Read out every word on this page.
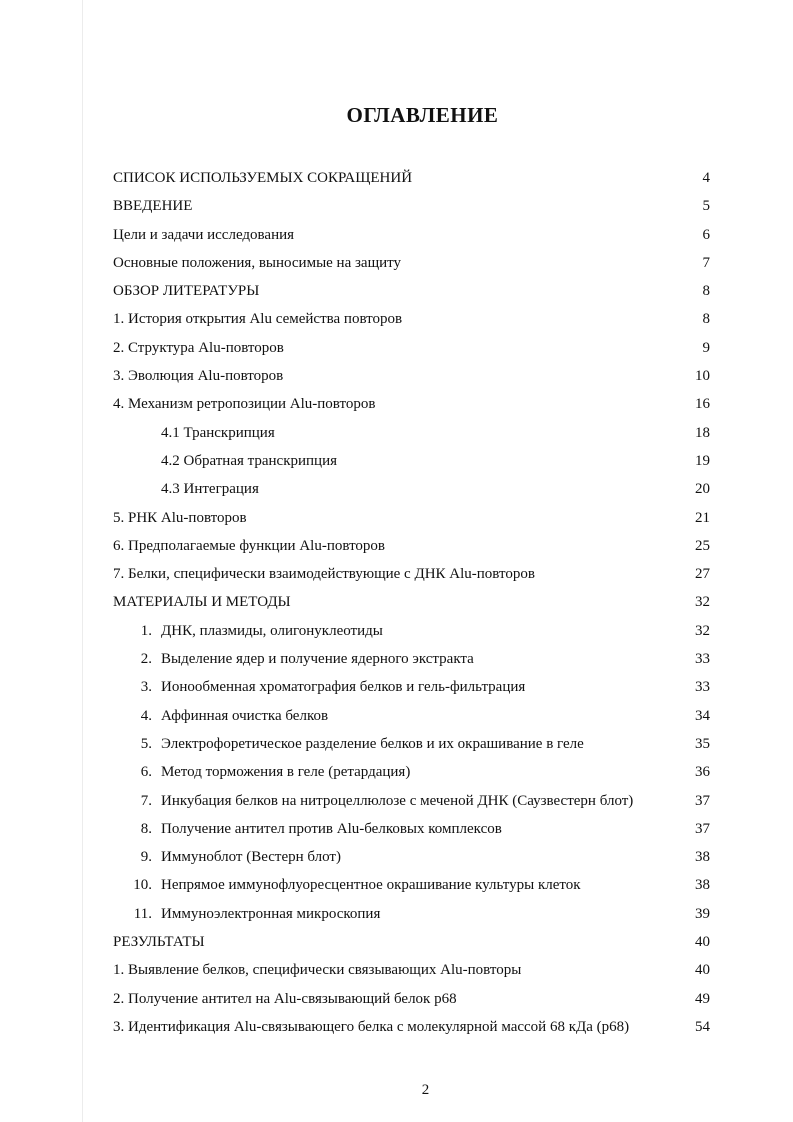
ОГЛАВЛЕНИЕ
СПИСОК ИСПОЛЬЗУЕМЫХ СОКРАЩЕНИЙ	4
ВВЕДЕНИЕ	5
Цели и задачи исследования	6
Основные положения, выносимые на защиту	7
ОБЗОР ЛИТЕРАТУРЫ	8
1. История открытия Alu семейства повторов	8
2. Структура Alu-повторов	9
3. Эволюция Alu-повторов	10
4. Механизм ретропозиции Alu-повторов	16
4.1 Транскрипция	18
4.2 Обратная транскрипция	19
4.3 Интеграция	20
5. РНК Alu-повторов	21
6. Предполагаемые функции Alu-повторов	25
7. Белки, специфически взаимодействующие с ДНК Alu-повторов	27
МАТЕРИАЛЫ И МЕТОДЫ	32
1. ДНК, плазмиды, олигонуклеотиды	32
2. Выделение ядер и получение ядерного экстракта	33
3. Ионообменная хроматография белков и гель-фильтрация	33
4. Аффинная очистка белков	34
5. Электрофоретическое разделение белков и их окрашивание в геле	35
6. Метод торможения в геле (ретардация)	36
7. Инкубация белков на нитроцеллюлозе с меченой ДНК (Саузвестерн блот)	37
8. Получение антител против Alu-белковых комплексов	37
9. Иммуноблот (Вестерн блот)	38
10. Непрямое иммунофлуоресцентное окрашивание культуры клеток	38
11. Иммуноэлектронная микроскопия	39
РЕЗУЛЬТАТЫ	40
1. Выявление белков, специфически связывающих Alu-повторы	40
2. Получение антител на Alu-связывающий белок р68	49
3. Идентификация Alu-связывающего белка с молекулярной массой 68 кДа (р68)	54
2
